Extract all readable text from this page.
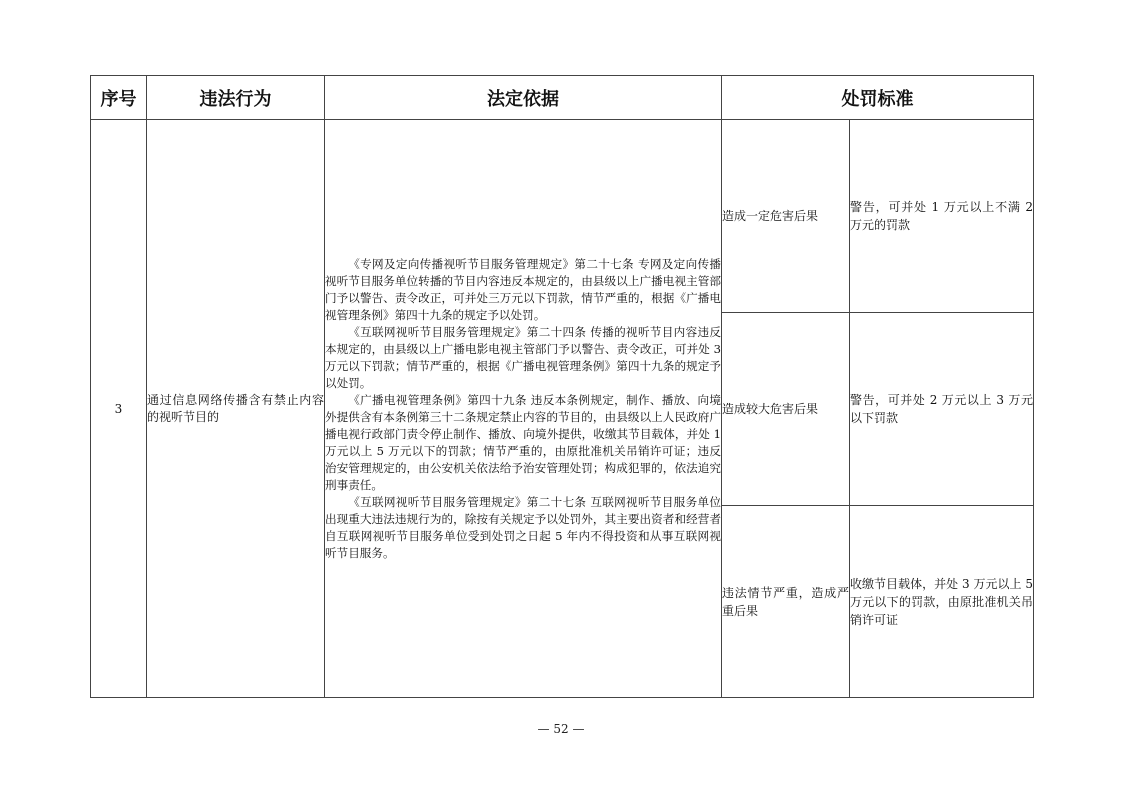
序号	违法行为	法定依据	处罚标准	
3	通过信息网络传播含有禁止内容的视听节目的	《专网及定向传播视听节目服务管理规定》第二十七条 专网及定向传播视听节目服务单位转播的节目内容违反本规定的，由县级以上广播电视主管部门予以警告、责令改正，可并处三万元以下罚款，情节严重的，根据《广播电视管理条例》第四十九条的规定予以处罚。

《互联网视听节目服务管理规定》第二十四条 传播的视听节目内容违反本规定的，由县级以上广播电影电视主管部门予以警告、责令改正，可并处 3 万元以下罚款；情节严重的，根据《广播电视管理条例》第四十九条的规定予以处罚。

《广播电视管理条例》第四十九条 违反本条例规定，制作、播放、向境外提供含有本条例第三十二条规定禁止内容的节目的，由县级以上人民政府广播电视行政部门责令停止制作、播放、向境外提供，收缴其节目载体，并处 1 万元以上 5 万元以下的罚款；情节严重的，由原批准机关吊销许可证；违反治安管理规定的，由公安机关依法给予治安管理处罚；构成犯罪的，依法追究刑事责任。

《互联网视听节目服务管理规定》第二十七条 互联网视听节目服务单位出现重大违法违规行为的，除按有关规定予以处罚外，其主要出资者和经营者自互联网视听节目服务单位受到处罚之日起 5 年内不得投资和从事互联网视听节目服务。	造成一定危害后果	警告，可并处 1 万元以上不满 2 万元的罚款
			造成较大危害后果	警告，可并处 2 万元以上 3 万元以下罚款
			违法情节严重，造成严重后果	收缴节目载体，并处 3 万元以上 5 万元以下的罚款，由原批准机关吊销许可证
— 52 —
